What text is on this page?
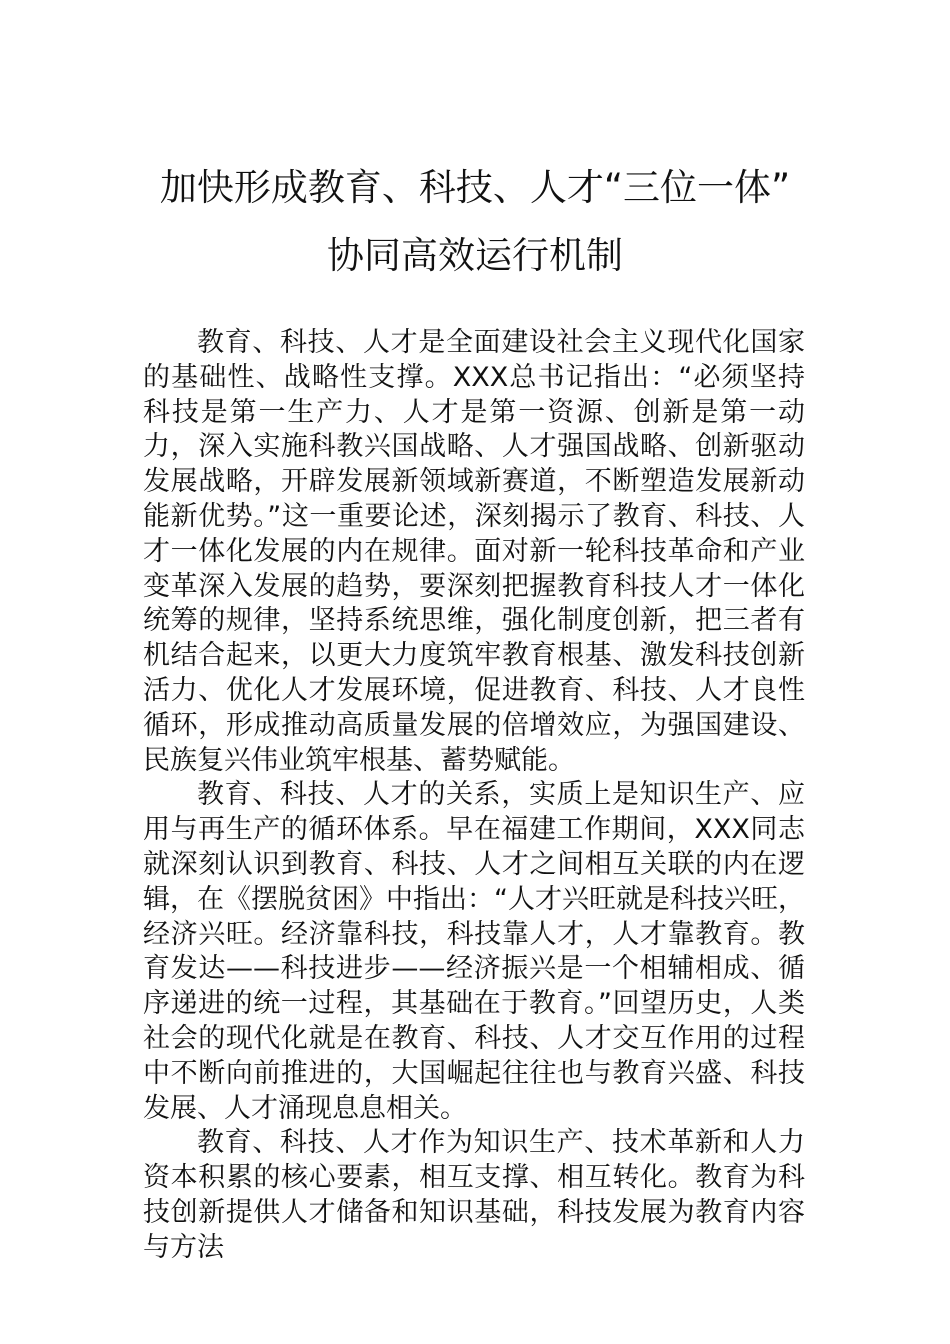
加快形成教育、科技、人才“三位一体”
协同高效运行机制

教育、科技、人才是全面建设社会主义现代化国家的基础性、战略性支撑。XXX总书记指出：“必须坚持科技是第一生产力、人才是第一资源、创新是第一动力，深入实施科教兴国战略、人才强国战略、创新驱动发展战略，开辟发展新领域新赛道，不断塑造发展新动能新优势。”这一重要论述，深刻揭示了教育、科技、人才一体化发展的内在规律。面对新一轮科技革命和产业变革深入发展的趋势，要深刻把握教育科技人才一体化统筹的规律，坚持系统思维，强化制度创新，把三者有机结合起来，以更大力度筑牢教育根基、激发科技创新活力、优化人才发展环境，促进教育、科技、人才良性循环，形成推动高质量发展的倍增效应，为强国建设、民族复兴伟业筑牢根基、蓄势赋能。

教育、科技、人才的关系，实质上是知识生产、应用与再生产的循环体系。早在福建工作期间，XXX同志就深刻认识到教育、科技、人才之间相互关联的内在逻辑，在《摆脱贫困》中指出：“人才兴旺就是科技兴旺，经济兴旺。经济靠科技，科技靠人才，人才靠教育。教育发达——科技进步——经济振兴是一个相辅相成、循序递进的统一过程，其基础在于教育。”回望历史，人类社会的现代化就是在教育、科技、人才交互作用的过程中不断向前推进的，大国崛起往往也与教育兴盛、科技发展、人才涌现息息相关。

教育、科技、人才作为知识生产、技术革新和人力资本积累的核心要素，相互支撑、相互转化。教育为科技创新提供人才储备和知识基础，科技发展为教育内容与方法
